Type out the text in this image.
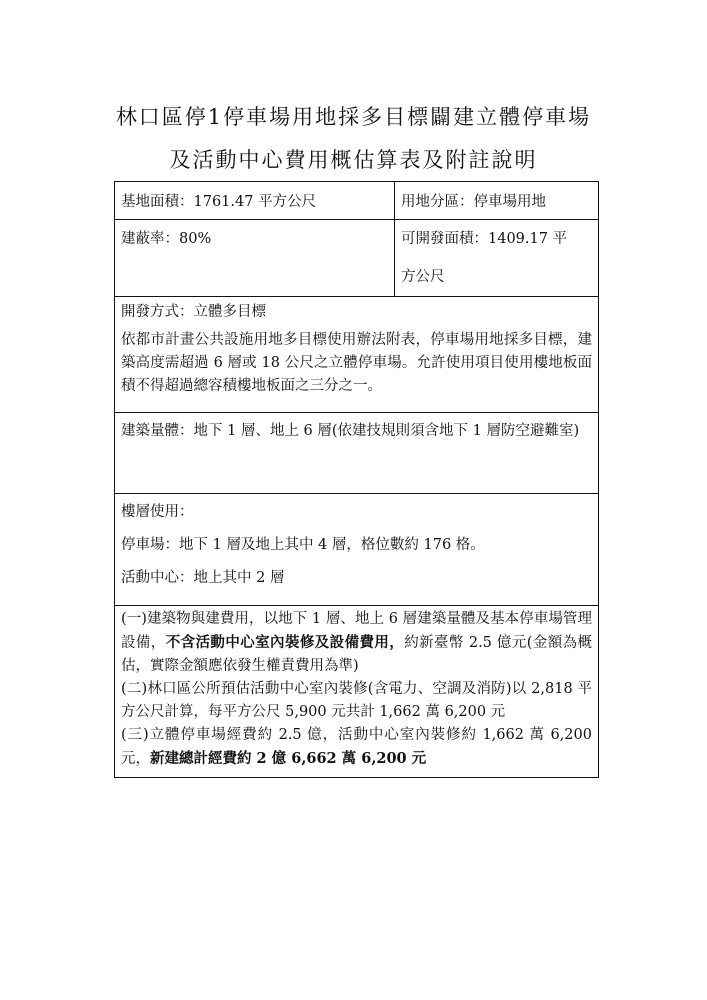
林口區停1停車場用地採多目標闢建立體停車場
及活動中心費用概估算表及附註說明
基地面積：1761.47 平方公尺	用地分區：停車場用地

建蔽率：80%	可開發面積：1409.17 平
方公尺

開發方式：立體多目標
依都市計畫公共設施用地多目標使用辦法附表，停車場用地採多目標，建築高度需超過 6 層或 18 公尺之立體停車場。允許使用項目使用樓地板面積不得超過總容積樓地板面之三分之一。	

建築量體：地下 1 層、地上 6 層(依建技規則須含地下 1 層防空避難室)	

樓層使用：
停車場：地下 1 層及地上其中 4 層，格位數約 176 格。
活動中心：地上其中 2 層	

(一)建築物與建費用，以地下 1 層、地上 6 層建築量體及基本停車場管理設備，不含活動中心室內裝修及設備費用，約新臺幣 2.5 億元(金額為概估，實際金額應依發生權責費用為準)

(二)林口區公所預估活動中心室內裝修(含電力、空調及消防)以 2,818 平方公尺計算，每平方公尺 5,900 元共計 1,662 萬 6,200 元

(三)立體停車場經費約 2.5 億，活動中心室內裝修約 1,662 萬 6,200 元，新建總計經費約 2 億 6,662 萬 6,200 元	
